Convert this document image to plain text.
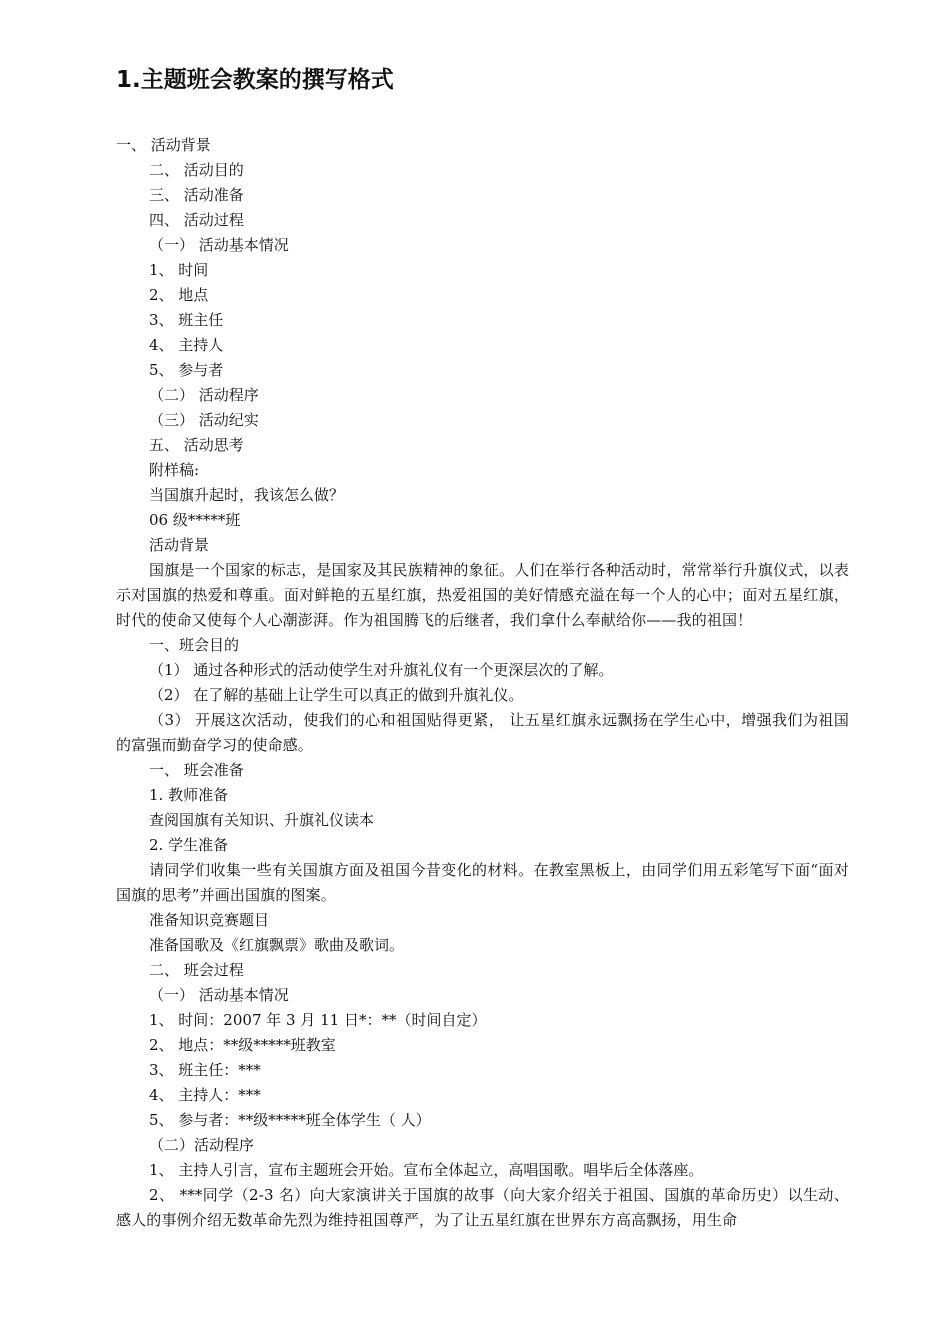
1.主题班会教案的撰写格式

一、 活动背景

二、 活动目的

三、 活动准备

四、 活动过程

（一） 活动基本情况

1、 时间

2、 地点

3、 班主任

4、 主持人

5、 参与者

（二） 活动程序

（三） 活动纪实

五、 活动思考

附样稿:

当国旗升起时，我该怎么做？

06 级*****班

活动背景

国旗是一个国家的标志，是国家及其民族精神的象征。人们在举行各种活动时，常常举行升旗仪式，以表示对国旗的热爱和尊重。面对鲜艳的五星红旗，热爱祖国的美好情感充溢在每一个人的心中；面对五星红旗，时代的使命又使每个人心潮澎湃。作为祖国腾飞的后继者，我们拿什么奉献给你——我的祖国！

一、班会目的

（1） 通过各种形式的活动使学生对升旗礼仪有一个更深层次的了解。

（2） 在了解的基础上让学生可以真正的做到升旗礼仪。

（3） 开展这次活动，使我们的心和祖国贴得更紧， 让五星红旗永远飘扬在学生心中，增强我们为祖国的富强而勤奋学习的使命感。

一、 班会准备

1. 教师准备

查阅国旗有关知识、升旗礼仪读本

2. 学生准备

请同学们收集一些有关国旗方面及祖国今昔变化的材料。在教室黑板上，由同学们用五彩笔写下面“面对国旗的思考”并画出国旗的图案。

准备知识竞赛题目

准备国歌及《红旗飘票》歌曲及歌词。

二、 班会过程

（一） 活动基本情况

1、 时间：2007 年 3 月 11 日*：**（时间自定）

2、 地点：**级*****班教室

3、 班主任：***

4、 主持人：***

5、 参与者：**级*****班全体学生（ 人）

（二）活动程序

1、 主持人引言，宣布主题班会开始。宣布全体起立，高唱国歌。唱毕后全体落座。

2、 ***同学（2-3 名）向大家演讲关于国旗的故事（向大家介绍关于祖国、国旗的革命历史）以生动、感人的事例介绍无数革命先烈为维持祖国尊严，为了让五星红旗在世界东方高高飘扬，用生命
